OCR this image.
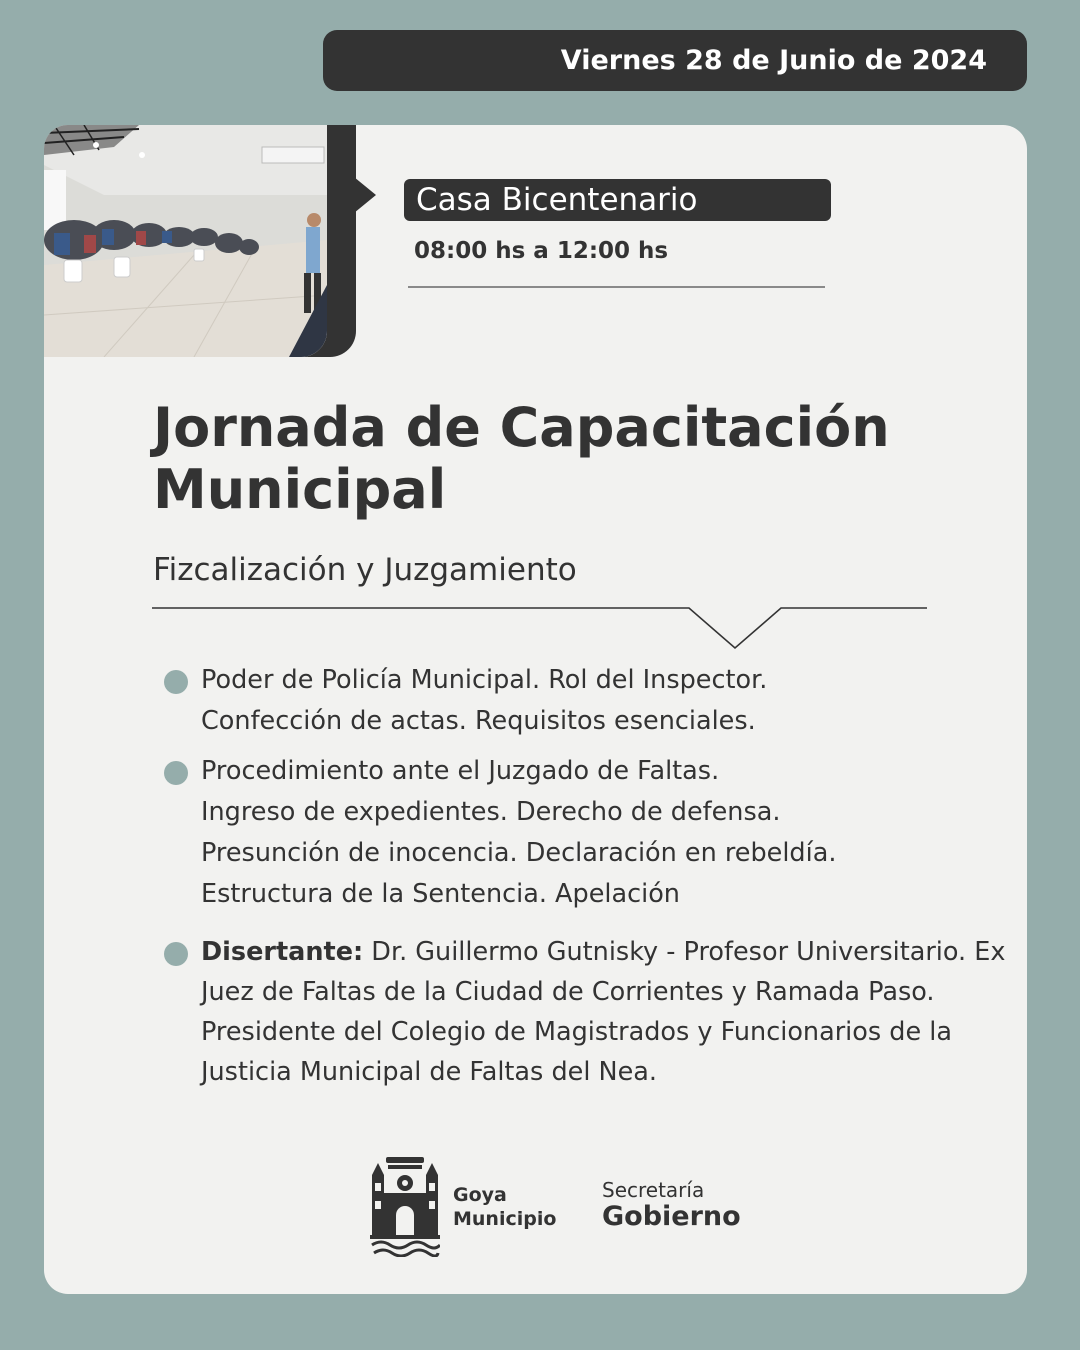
Viernes 28 de Junio de 2024
Casa Bicentenario
08:00 hs a 12:00 hs
Jornada de Capacitación
Municipal
Fizcalización y Juzgamiento
Poder de Policía Municipal. Rol del Inspector.
Confección de actas. Requisitos esenciales.
Procedimiento ante el Juzgado de Faltas.
Ingreso de expedientes. Derecho de defensa.
Presunción de inocencia. Declaración en rebeldía.
Estructura de la Sentencia. Apelación
Disertante: Dr. Guillermo Gutnisky - Profesor Universitario. Ex
Juez de Faltas de la Ciudad de Corrientes y Ramada Paso.
Presidente del Colegio de Magistrados y Funcionarios de la
Justicia Municipal de Faltas del Nea.
Goya
Municipio
Secretaría
Gobierno
